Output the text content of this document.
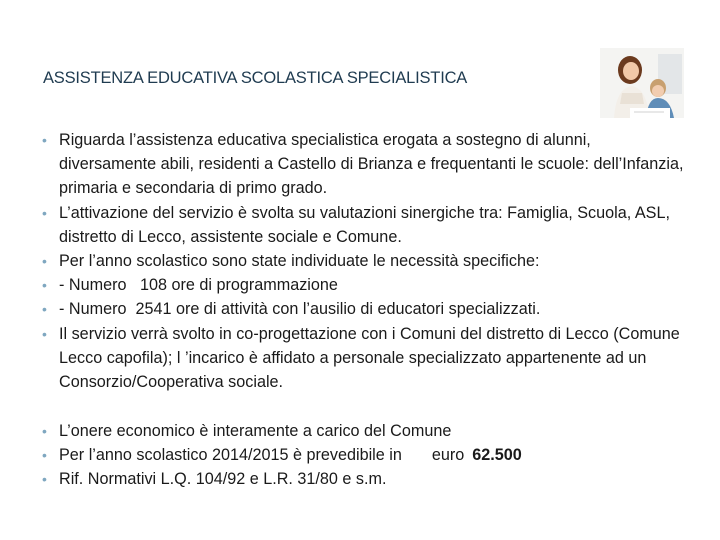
ASSISTENZA EDUCATIVA SCOLASTICA SPECIALISTICA
• Riguarda l’assistenza educativa specialistica erogata a sostegno di alunni, diversamente abili, residenti a Castello di Brianza e frequentanti le scuole: dell’Infanzia, primaria e secondaria di primo grado.
• L’attivazione del servizio è svolta su valutazioni sinergiche tra: Famiglia, Scuola, ASL, distretto di Lecco, assistente sociale e Comune.
• Per l’anno scolastico sono state individuate le necessità specifiche:
• - Numero   108 ore di programmazione
• - Numero  2541 ore di attività con l’ausilio di educatori specializzati.
• Il servizio verrà svolto in co-progettazione con i Comuni del distretto di Lecco (Comune Lecco capofila); l ’incarico è affidato a personale specializzato appartenente ad un Consorzio/Cooperativa sociale.
• L’onere economico è interamente a carico del Comune
• Per l’anno scolastico 2014/2015 è prevedibile in euro 62.500
• Rif. Normativi L.Q. 104/92 e L.R. 31/80 e s.m.
